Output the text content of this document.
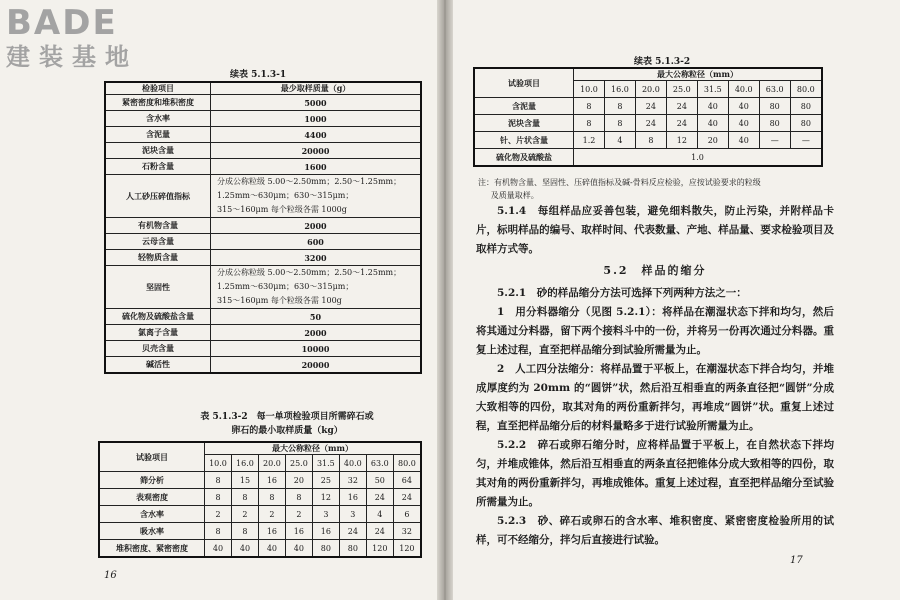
BADE
建装基地
续表 5.1.3-1
检验项目	最少取样质量（g）
紧密密度和堆积密度	5000
含水率	1000
含泥量	4400
泥块含量	20000
石粉含量	1600
人工砂压碎值指标	分成公称粒级 5.00～2.50mm；2.50～1.25mm；
1.25mm～630μm；630～315μm；
315～160μm 每个粒级各需 1000g

有机物含量	2000
云母含量	600
轻物质含量	3200
坚固性	分成公称粒级 5.00～2.50mm；2.50～1.25mm；
1.25mm～630μm；630～315μm；
315～160μm 每个粒级各需 100g

硫化物及硫酸盐含量	50
氯离子含量	2000
贝壳含量	10000
碱活性	20000
表 5.1.3-2　每一单项检验项目所需碎石或
卵石的最小取样质量（kg）
试验项目	最大公称粒径（mm）							
	10.0	16.0	20.0	25.0	31.5	40.0	63.0	80.0
筛分析	8	15	16	20	25	32	50	64
表观密度	8	8	8	8	12	16	24	24
含水率	2	2	2	2	3	3	4	6
吸水率	8	8	16	16	16	24	24	32
堆积密度、紧密密度	40	40	40	40	80	80	120	120
16
续表 5.1.3-2
试验项目	最大公称粒径（mm）							
	10.0	16.0	20.0	25.0	31.5	40.0	63.0	80.0
含泥量	8	8	24	24	40	40	80	80
泥块含量	8	8	24	24	40	40	80	80
针、片状含量	1.2	4	8	12	20	40	—	—
硫化物及硫酸盐	1.0							
注：有机物含量、坚固性、压碎值指标及碱-骨料反应检验，应按试验要求的粒级
及质量取样。

5.1.4　每组样品应妥善包装，避免细料散失，防止污染，并附样品卡片，标明样品的编号、取样时间、代表数量、产地、样品量、要求检验项目及取样方式等。

5.2　样品的缩分

5.2.1　砂的样品缩分方法可选择下列两种方法之一：

1　用分料器缩分（见图 5.2.1）：将样品在潮湿状态下拌和均匀，然后将其通过分料器，留下两个接料斗中的一份，并将另一份再次通过分料器。重复上述过程，直至把样品缩分到试验所需量为止。

2　人工四分法缩分：将样品置于平板上，在潮湿状态下拌合均匀，并堆成厚度约为 20mm 的“圆饼”状，然后沿互相垂直的两条直径把“圆饼”分成大致相等的四份，取其对角的两份重新拌匀，再堆成“圆饼”状。重复上述过程，直至把样品缩分后的材料量略多于进行试验所需量为止。

5.2.2　碎石或卵石缩分时，应将样品置于平板上，在自然状态下拌均匀，并堆成锥体，然后沿互相垂直的两条直径把锥体分成大致相等的四份，取其对角的两份重新拌匀，再堆成锥体。重复上述过程，直至把样品缩分至试验所需量为止。

5.2.3　砂、碎石或卵石的含水率、堆积密度、紧密密度检验所用的试样，可不经缩分，拌匀后直接进行试验。

17
